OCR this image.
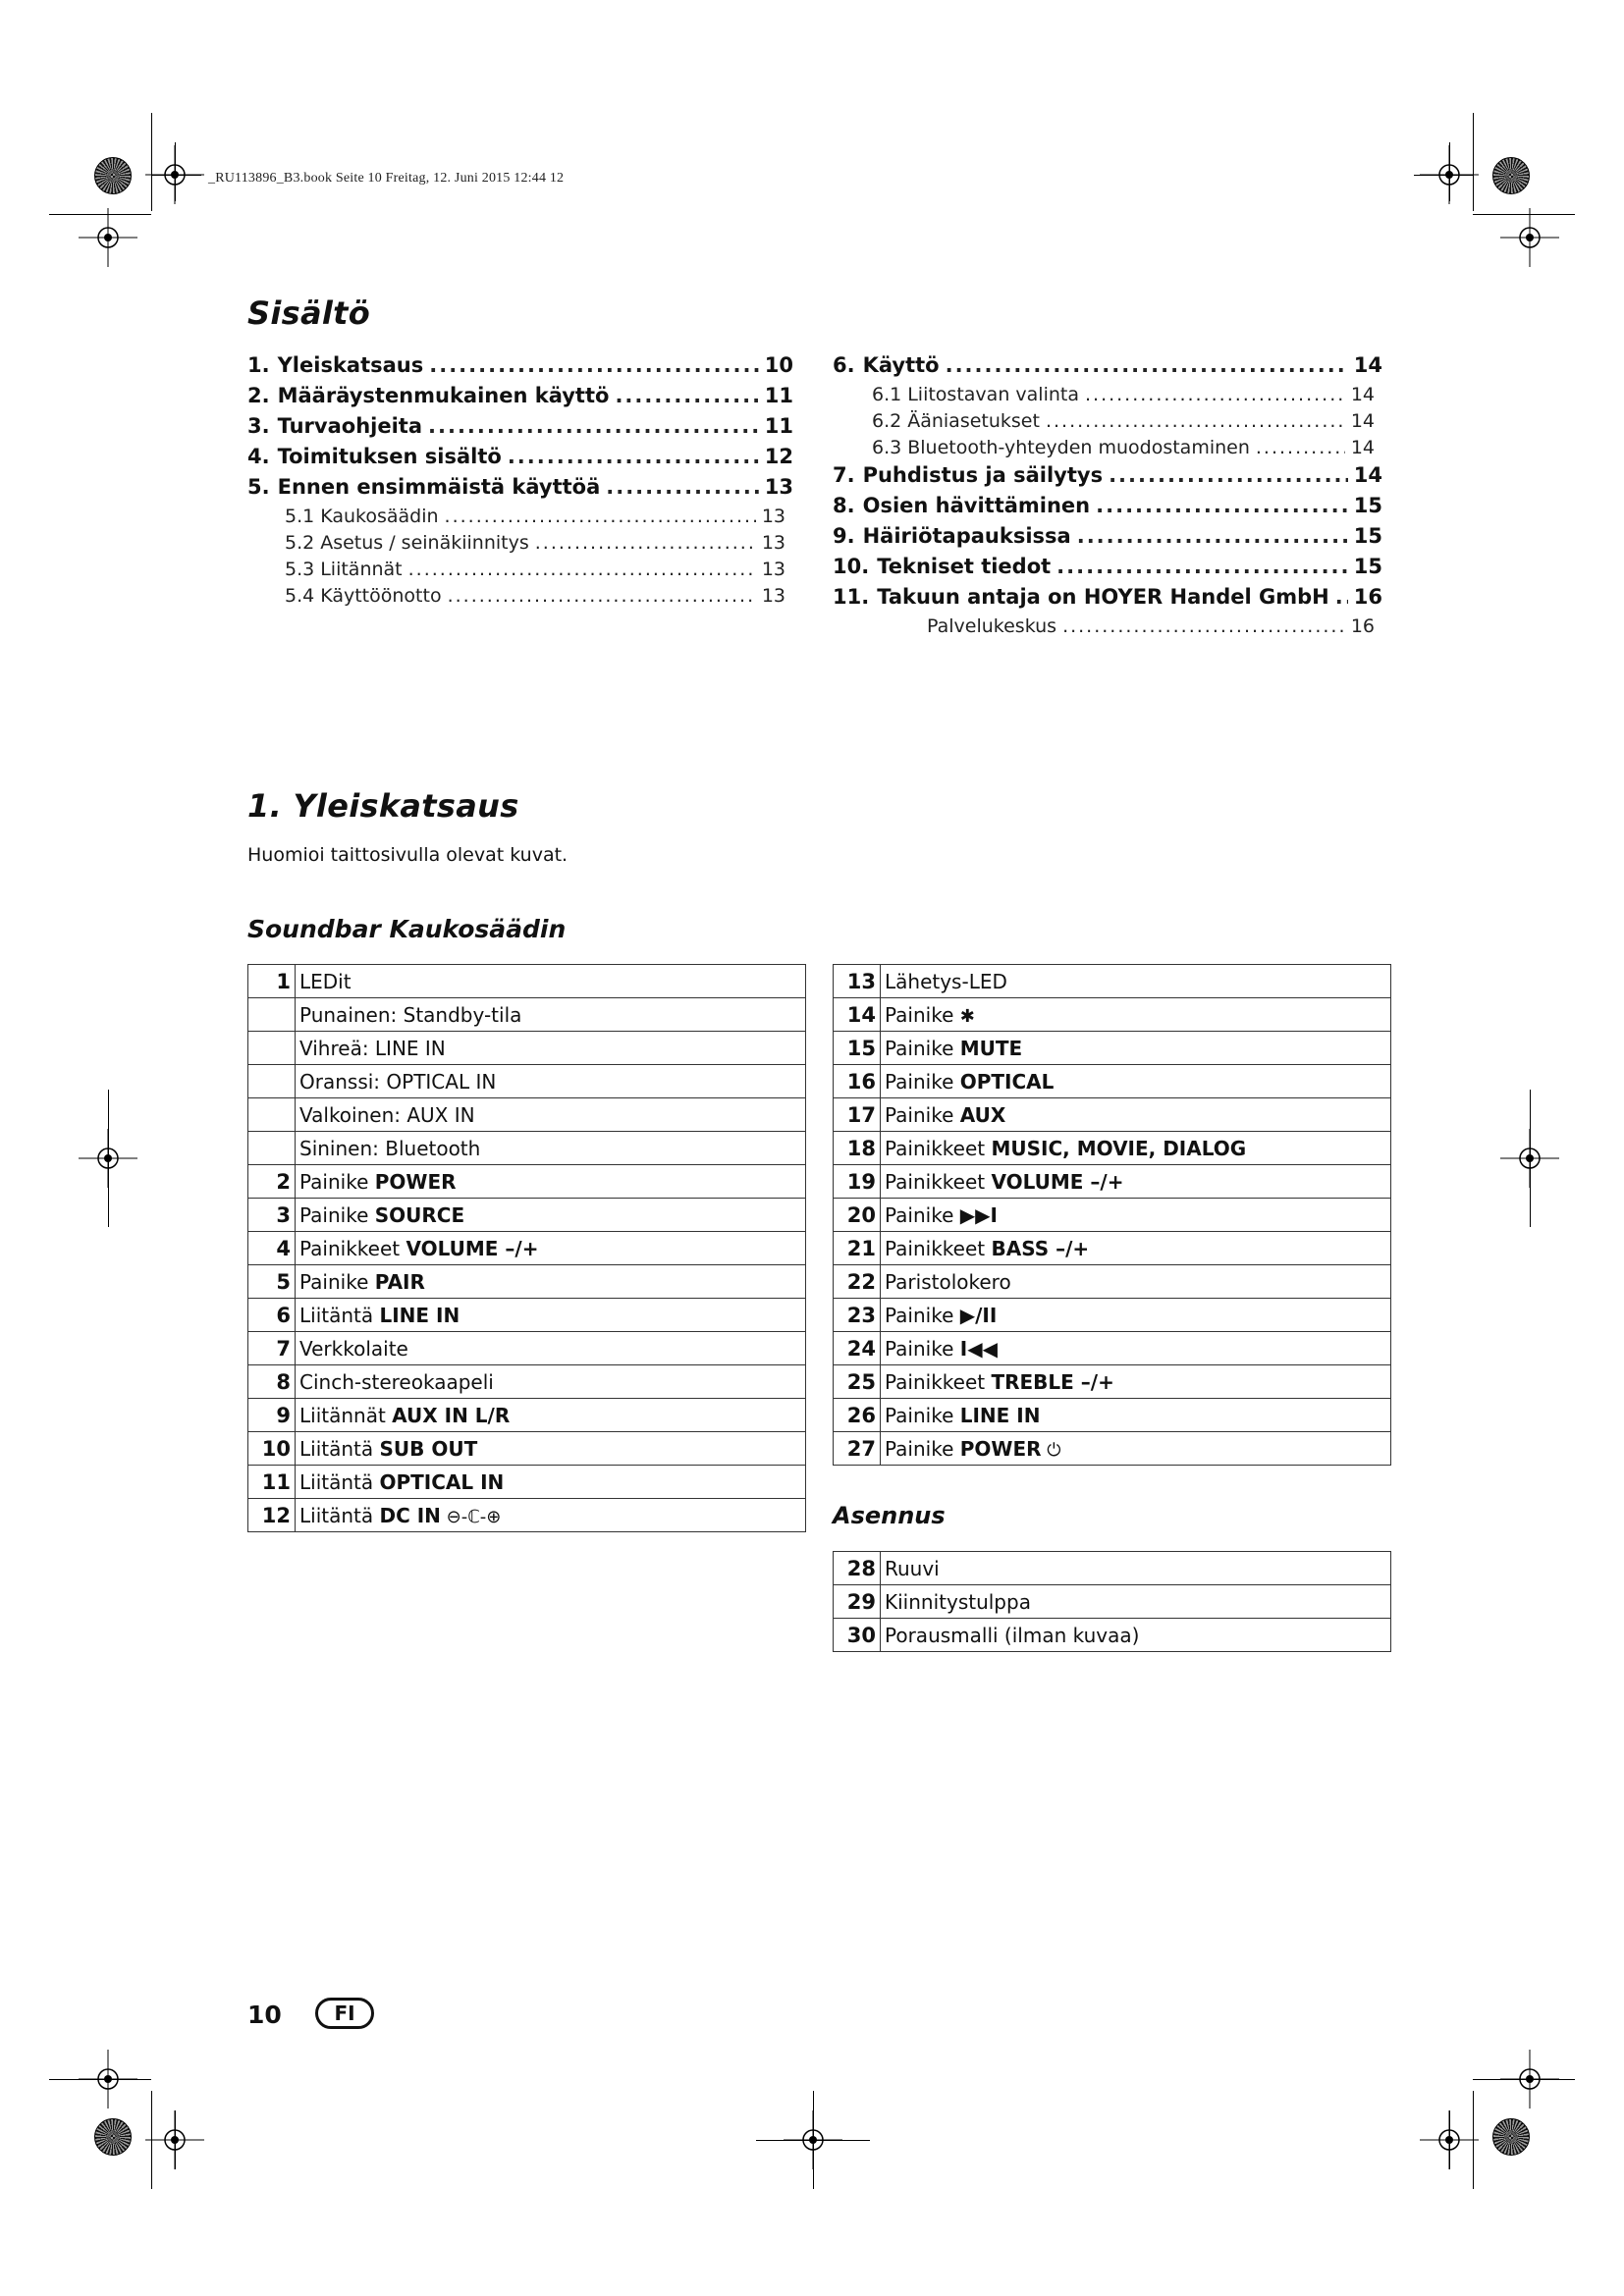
_RU113896_B3.book Seite 10 Freitag, 12. Juni 2015 12:44 12
Sisältö
1. Yleiskatsaus .....	10
2. Määräystenmukainen käyttö .....	11
3. Turvaohjeita .....	11
4. Toimituksen sisältö .....	12
5. Ennen ensimmäistä käyttöä .....	13
5.1 Kaukosäädin .....	13
5.2 Asetus / seinäkiinnitys .....	13
5.3 Liitännät .....	13
5.4 Käyttöönotto .....	13
6. Käyttö .....	14
6.1 Liitostavan valinta .....	14
6.2 Ääniasetukset .....	14
6.3 Bluetooth-yhteyden muodostaminen .....	14
7. Puhdistus ja säilytys .....	14
8. Osien hävittäminen .....	15
9. Häiriötapauksissa .....	15
10. Tekniset tiedot .....	15
11. Takuun antaja on HOYER Handel GmbH ..... 16
Palvelukeskus .....	16
1. Yleiskatsaus
Huomioi taittosivulla olevat kuvat.
Soundbar Kaukosäädin
1	LEDit
	Punainen: Standby-tila
	Vihreä: LINE IN
	Oranssi: OPTICAL IN
	Valkoinen: AUX IN
	Sininen: Bluetooth
2	Painike POWER
3	Painike SOURCE
4	Painikkeet VOLUME –/+
5	Painike PAIR
6	Liitäntä LINE IN
7	Verkkolaite
8	Cinch-stereokaapeli
9	Liitännät AUX IN L/R
10	Liitäntä SUB OUT
11	Liitäntä OPTICAL IN
12	Liitäntä DC IN ⊖-ℂ-⊕
13	Lähetys-LED
14	Painike ✱
15	Painike MUTE
16	Painike OPTICAL
17	Painike AUX
18	Painikkeet MUSIC, MOVIE, DIALOG
19	Painikkeet VOLUME –/+
20	Painike ▶▶I
21	Painikkeet BASS –/+
22	Paristolokero
23	Painike ▶/II
24	Painike I◀◀
25	Painikkeet TREBLE –/+
26	Painike LINE IN
27	Painike POWER ⏻
Asennus
28	Ruuvi
29	Kiinnitystulppa
30	Porausmalli (ilman kuvaa)
10	FI
